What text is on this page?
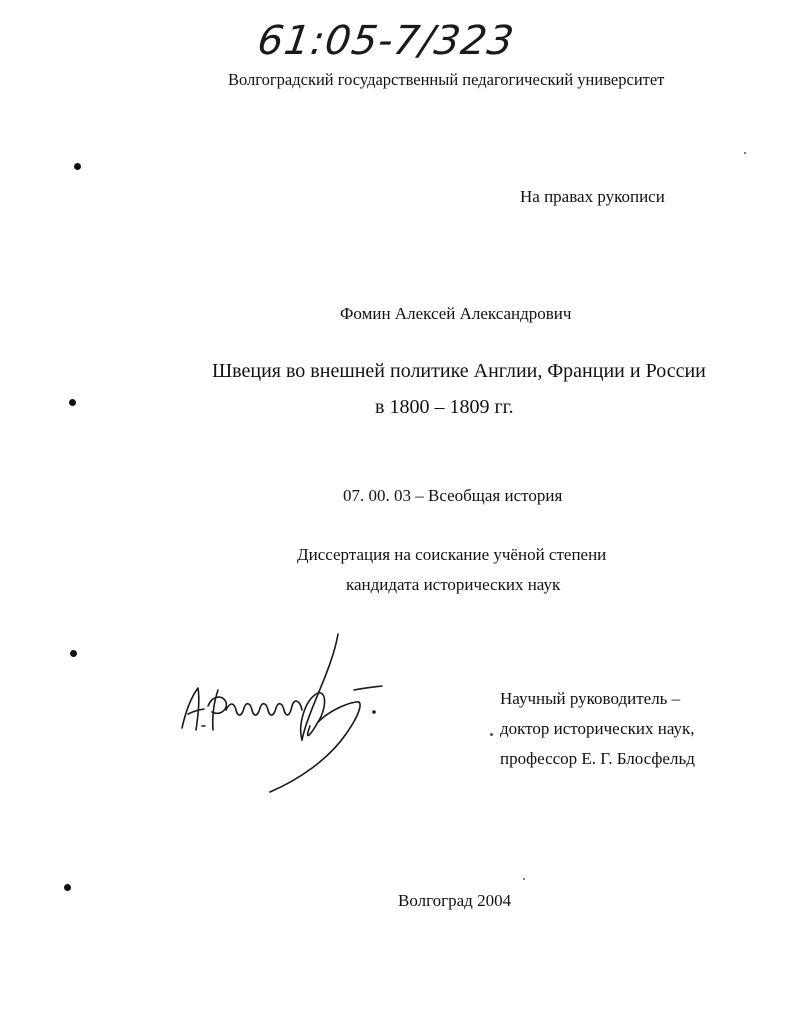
61:05-7/323
Волгоградский государственный педагогический университет
На правах рукописи
Фомин Алексей Александрович
Швеция во внешней политике Англии, Франции и России
в 1800 – 1809 гг.
07. 00. 03 – Всеобщая история
Диссертация на соискание учёной степени
кандидата исторических наук
Научный руководитель –
доктор исторических наук,
профессор Е. Г. Блосфельд
Волгоград 2004
